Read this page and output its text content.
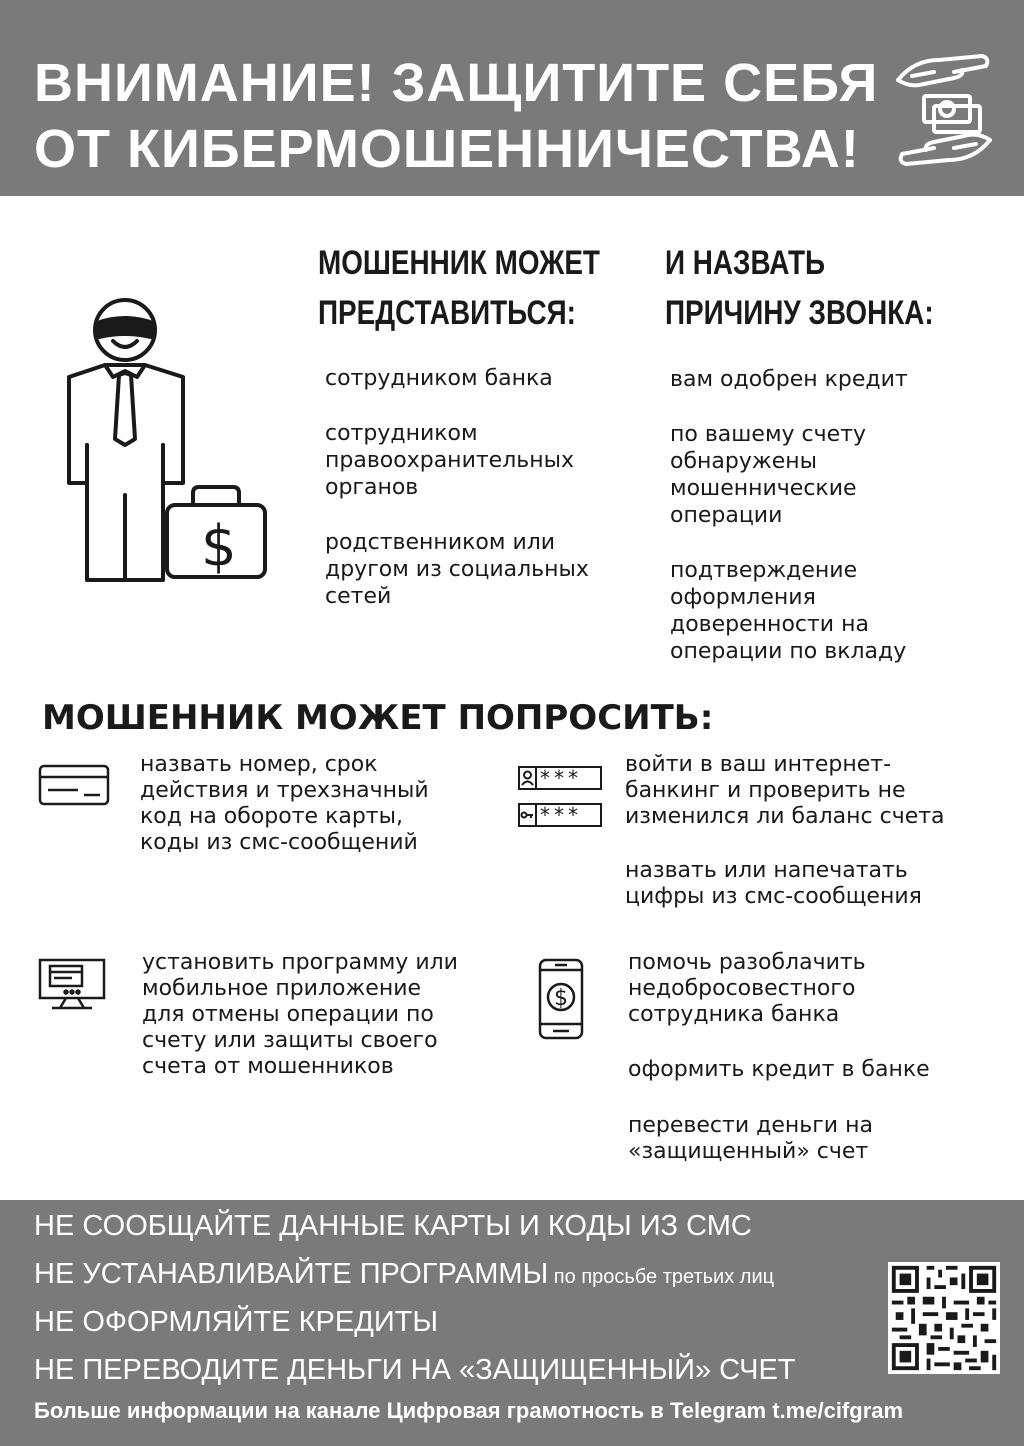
ВНИМАНИЕ! ЗАЩИТИТЕ СЕБЯ
ОТ КИБЕРМОШЕННИЧЕСТВА!
$
МОШЕННИК МОЖЕТ
ПРЕДСТАВИТЬСЯ:
И НАЗВАТЬ
ПРИЧИНУ ЗВОНКА:
сотрудником банка
сотрудником
правоохранительных
органов
родственником или
другом из социальных
сетей
вам одобрен кредит
по вашему счету
обнаружены
мошеннические
операции
подтверждение
оформления
доверенности на
операции по вкладу
МОШЕННИК МОЖЕТ ПОПРОСИТЬ:

назвать номер, срок
действия и трехзначный
код на обороте карты,
коды из смс-сообщений

***
***

войти в ваш интернет-
банкинг и проверить не
изменился ли баланс счета

назвать или напечатать
цифры из смс-сообщения

установить программу или
мобильное приложение
для отмены операции по
счету или защиты своего
счета от мошенников

$

помочь разоблачить
недобросовестного
сотрудника банка

оформить кредит в банке

перевести деньги на
«защищенный» счет

НЕ СООБЩАЙТЕ ДАННЫЕ КАРТЫ И КОДЫ ИЗ СМС
НЕ УСТАНАВЛИВАЙТЕ ПРОГРАММЫ по просьбе третьих лиц
НЕ ОФОРМЛЯЙТЕ КРЕДИТЫ
НЕ ПЕРЕВОДИТЕ ДЕНЬГИ НА «ЗАЩИЩЕННЫЙ» СЧЕТ
Больше информации на канале Цифровая грамотность в Telegram t.me/cifgram
